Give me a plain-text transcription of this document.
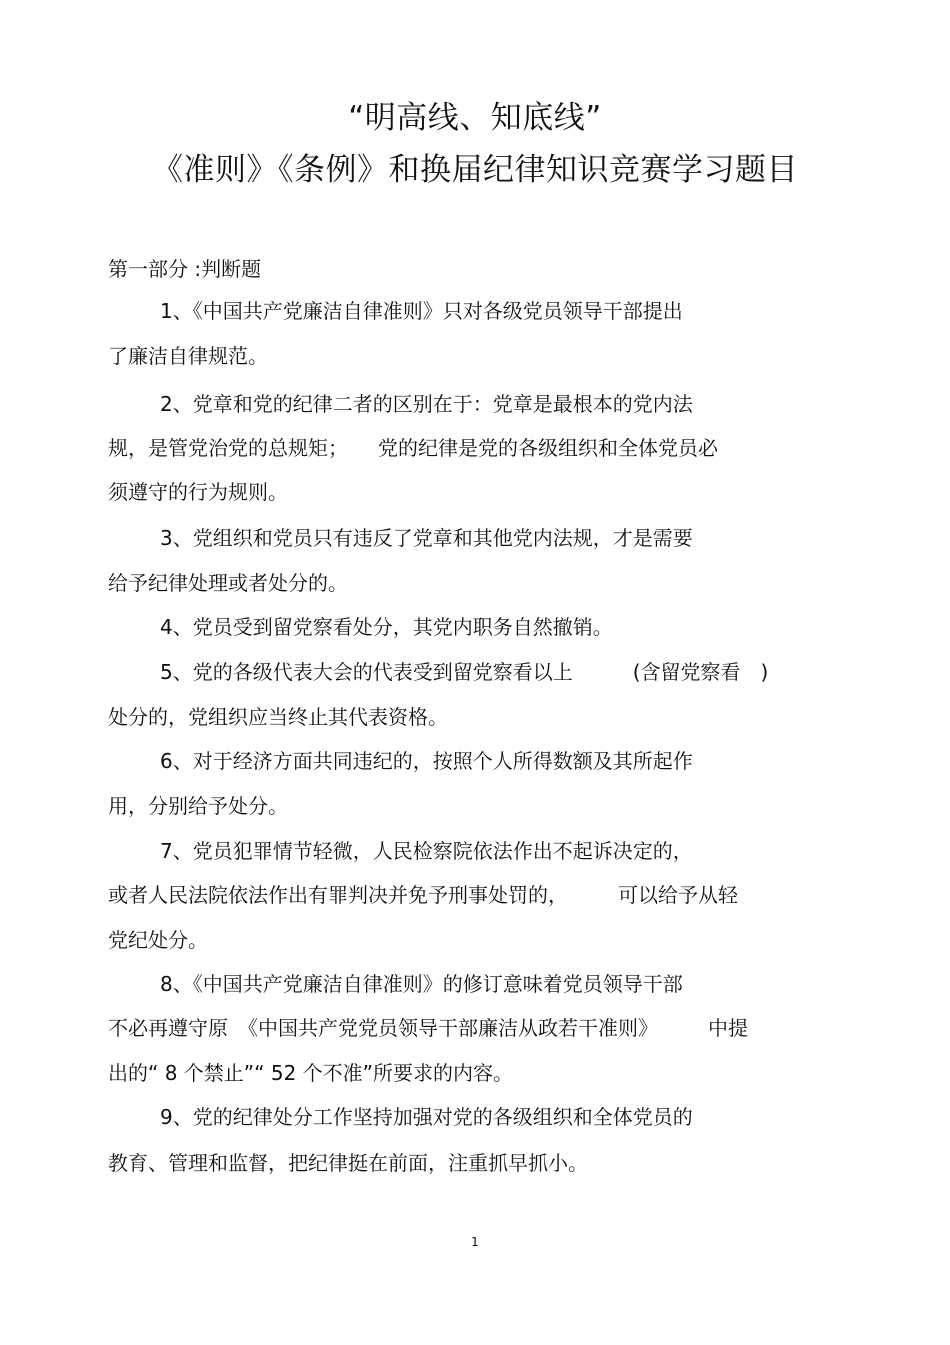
“明高线、知底线”
《准则》《条例》和换届纪律知识竞赛学习题目
第一部分 :判断题
1、《中国共产党廉洁自律准则》只对各级党员领导干部提出
了廉洁自律规范。
2、党章和党的纪律二者的区别在于：党章是最根本的党内法
规，是管党治党的总规矩；　　党的纪律是党的各级组织和全体党员必
须遵守的行为规则。
3、党组织和党员只有违反了党章和其他党内法规，才是需要
给予纪律处理或者处分的。
4、党员受到留党察看处分，其党内职务自然撤销。
5、党的各级代表大会的代表受到留党察看以上　　　(含留党察看　)
处分的，党组织应当终止其代表资格。
6、对于经济方面共同违纪的，按照个人所得数额及其所起作
用，分别给予处分。
7、党员犯罪情节轻微，人民检察院依法作出不起诉决定的，
或者人民法院依法作出有罪判决并免予刑事处罚的，　　　可以给予从轻
党纪处分。
8、《中国共产党廉洁自律准则》的修订意味着党员领导干部
不必再遵守原　《中国共产党党员领导干部廉洁从政若干准则》　　　中提
出的“ 8 个禁止”“ 52 个不准”所要求的内容。
9、党的纪律处分工作坚持加强对党的各级组织和全体党员的
教育、管理和监督，把纪律挺在前面，注重抓早抓小。
1
